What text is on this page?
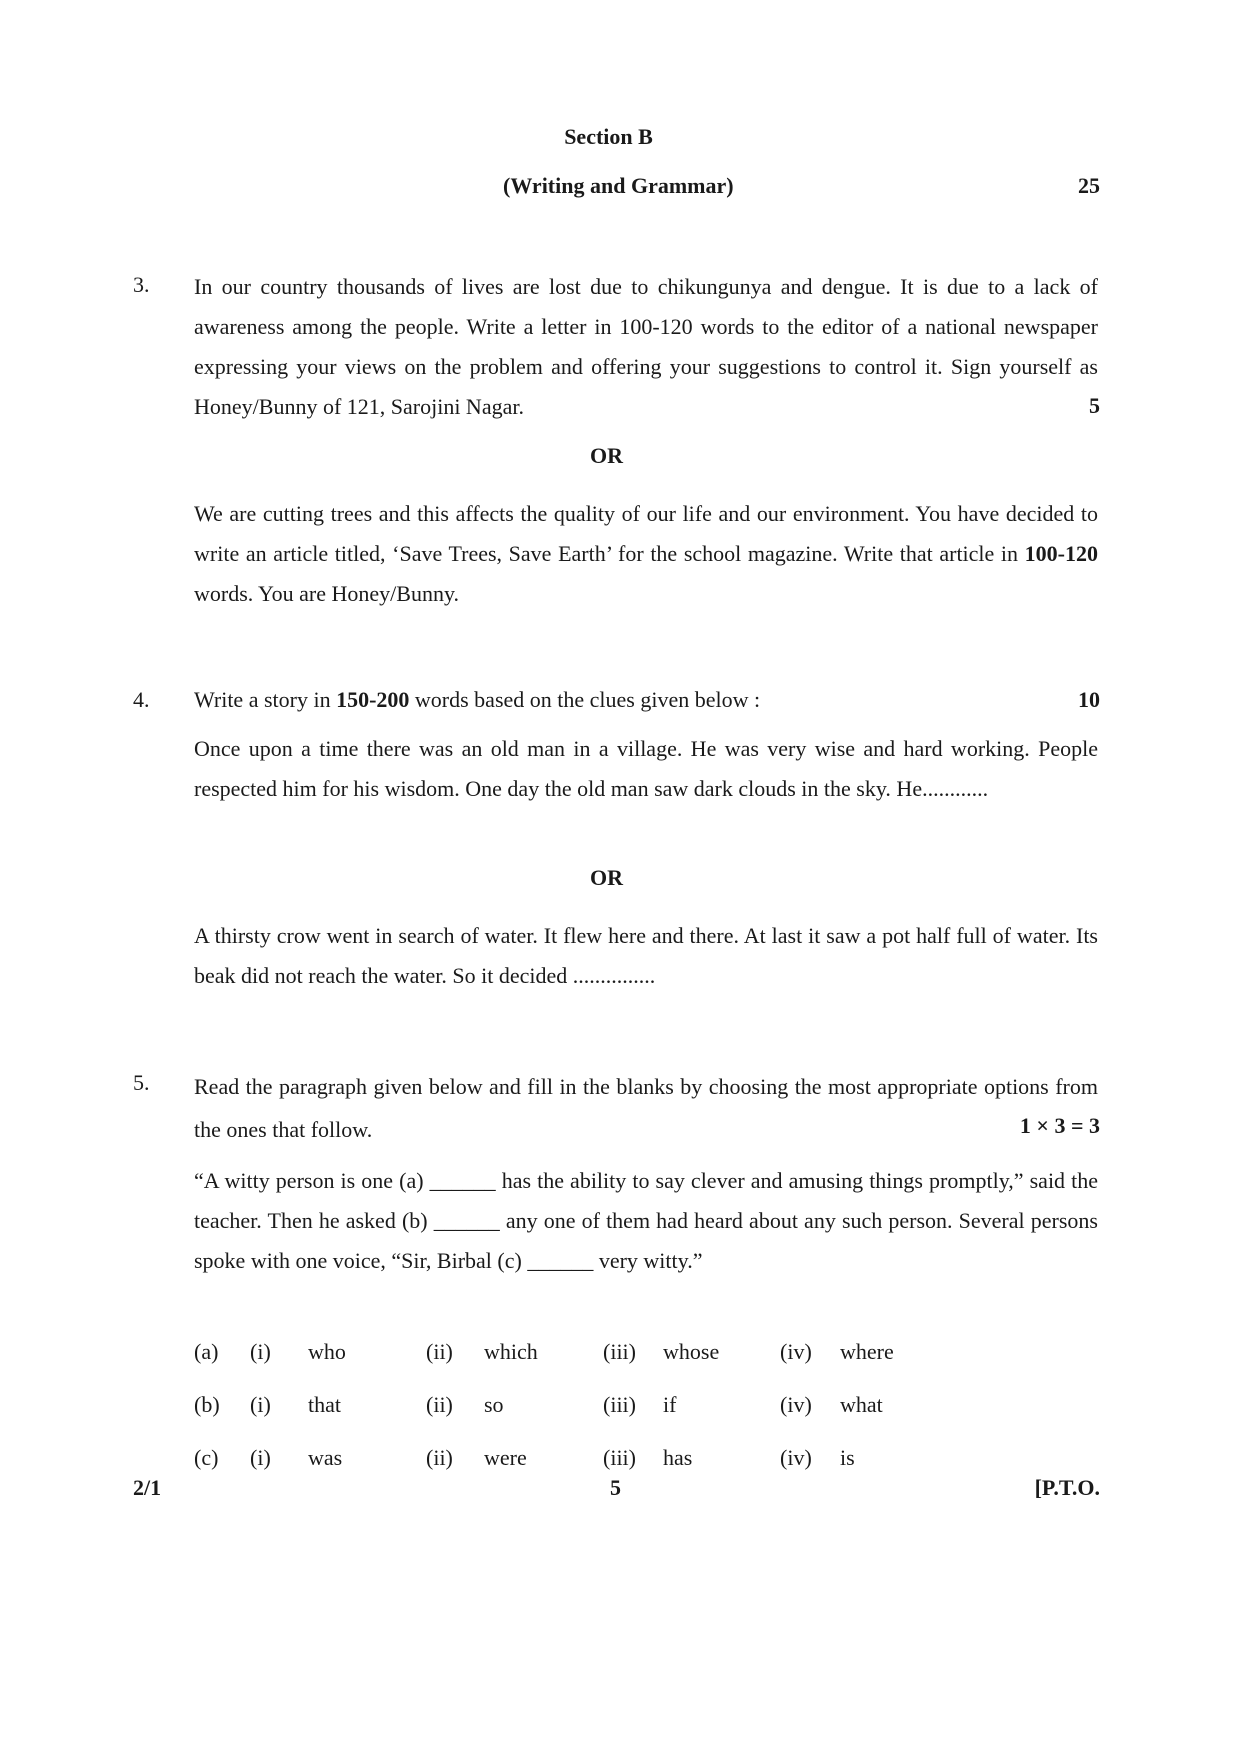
Section B
(Writing and Grammar)	25
3. In our country thousands of lives are lost due to chikungunya and dengue. It is due to a lack of awareness among the people. Write a letter in 100-120 words to the editor of a national newspaper expressing your views on the problem and offering your suggestions to control it. Sign yourself as Honey/Bunny of 121, Sarojini Nagar.	5
OR
We are cutting trees and this affects the quality of our life and our environment. You have decided to write an article titled, ‘Save Trees, Save Earth’ for the school magazine. Write that article in 100-120 words. You are Honey/Bunny.
4. Write a story in 150-200 words based on the clues given below :	10
Once upon a time there was an old man in a village. He was very wise and hard working. People respected him for his wisdom. One day the old man saw dark clouds in the sky. He............
OR
A thirsty crow went in search of water. It flew here and there. At last it saw a pot half full of water. Its beak did not reach the water. So it decided ...............
5. Read the paragraph given below and fill in the blanks by choosing the most appropriate options from the ones that follow.	1 × 3 = 3
“A witty person is one (a) ______ has the ability to say clever and amusing things promptly,” said the teacher. Then he asked (b) ______ any one of them had heard about any such person. Several persons spoke with one voice, “Sir, Birbal (c) ______ very witty.”
(a) (i) who	(ii) which	(iii) whose	(iv) where
(b) (i) that	(ii) so	(iii) if	(iv) what
(c) (i) was	(ii) were	(iii) has	(iv) is
2/1	5	[P.T.O.
